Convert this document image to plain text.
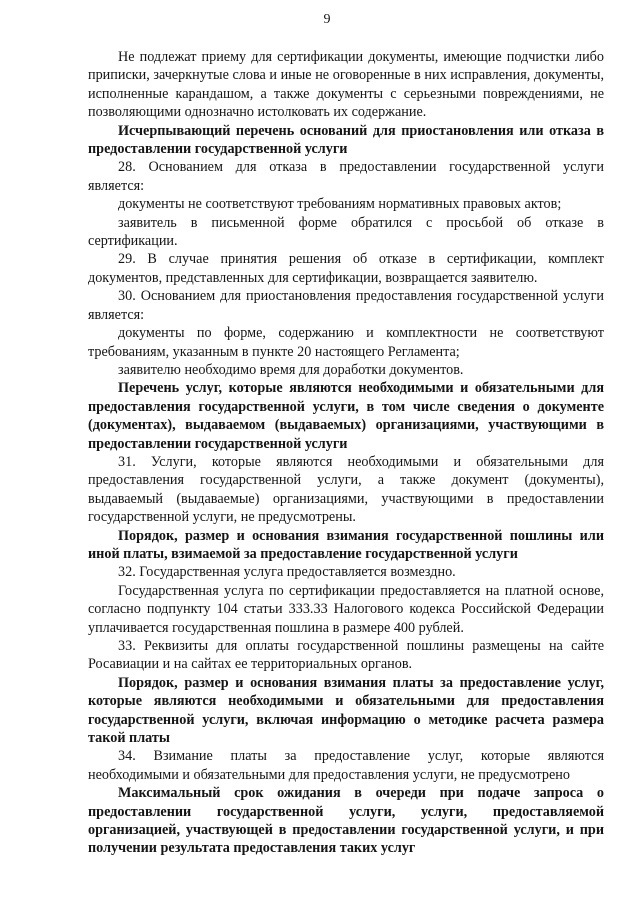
9
Не подлежат приему для сертификации документы, имеющие подчистки либо
приписки, зачеркнутые слова и иные не оговоренные в них исправления, документы,
исполненные карандашом, а также документы с серьезными повреждениями, не
позволяющими однозначно истолковать их содержание.
Исчерпывающий перечень оснований для приостановления или отказа в
предоставлении государственной услуги
28. Основанием для отказа в предоставлении государственной услуги
является:
документы не соответствуют требованиям нормативных правовых актов;
заявитель в письменной форме обратился с просьбой об отказе в
сертификации.
29. В случае принятия решения об отказе в сертификации, комплект
документов, представленных для сертификации, возвращается заявителю.
30. Основанием для приостановления предоставления государственной услуги
является:
документы по форме, содержанию и комплектности не соответствуют
требованиям, указанным в пункте 20 настоящего Регламента;
заявителю необходимо время для доработки документов.
Перечень услуг, которые являются необходимыми и обязательными для
предоставления государственной услуги, в том числе сведения о документе
(документах), выдаваемом (выдаваемых) организациями, участвующими в
предоставлении государственной услуги
31. Услуги, которые являются необходимыми и обязательными для
предоставления государственной услуги, а также документ (документы),
выдаваемый (выдаваемые) организациями, участвующими в предоставлении
государственной услуги, не предусмотрены.
Порядок, размер и основания взимания государственной пошлины или
иной платы, взимаемой за предоставление государственной услуги
32. Государственная услуга предоставляется возмездно.
Государственная услуга по сертификации предоставляется на платной основе,
согласно подпункту 104 статьи 333.33 Налогового кодекса Российской Федерации
уплачивается государственная пошлина в размере 400 рублей.
33. Реквизиты для оплаты государственной пошлины размещены на сайте
Росавиации и на сайтах ее территориальных органов.
Порядок, размер и основания взимания платы за предоставление услуг,
которые являются необходимыми и обязательными для предоставления
государственной услуги, включая информацию о методике расчета размера
такой платы
34. Взимание платы за предоставление услуг, которые являются
необходимыми и обязательными для предоставления услуги, не предусмотрено
Максимальный срок ожидания в очереди при подаче запроса о
предоставлении государственной услуги, услуги, предоставляемой
организацией, участвующей в предоставлении государственной услуги, и при
получении результата предоставления таких услуг
